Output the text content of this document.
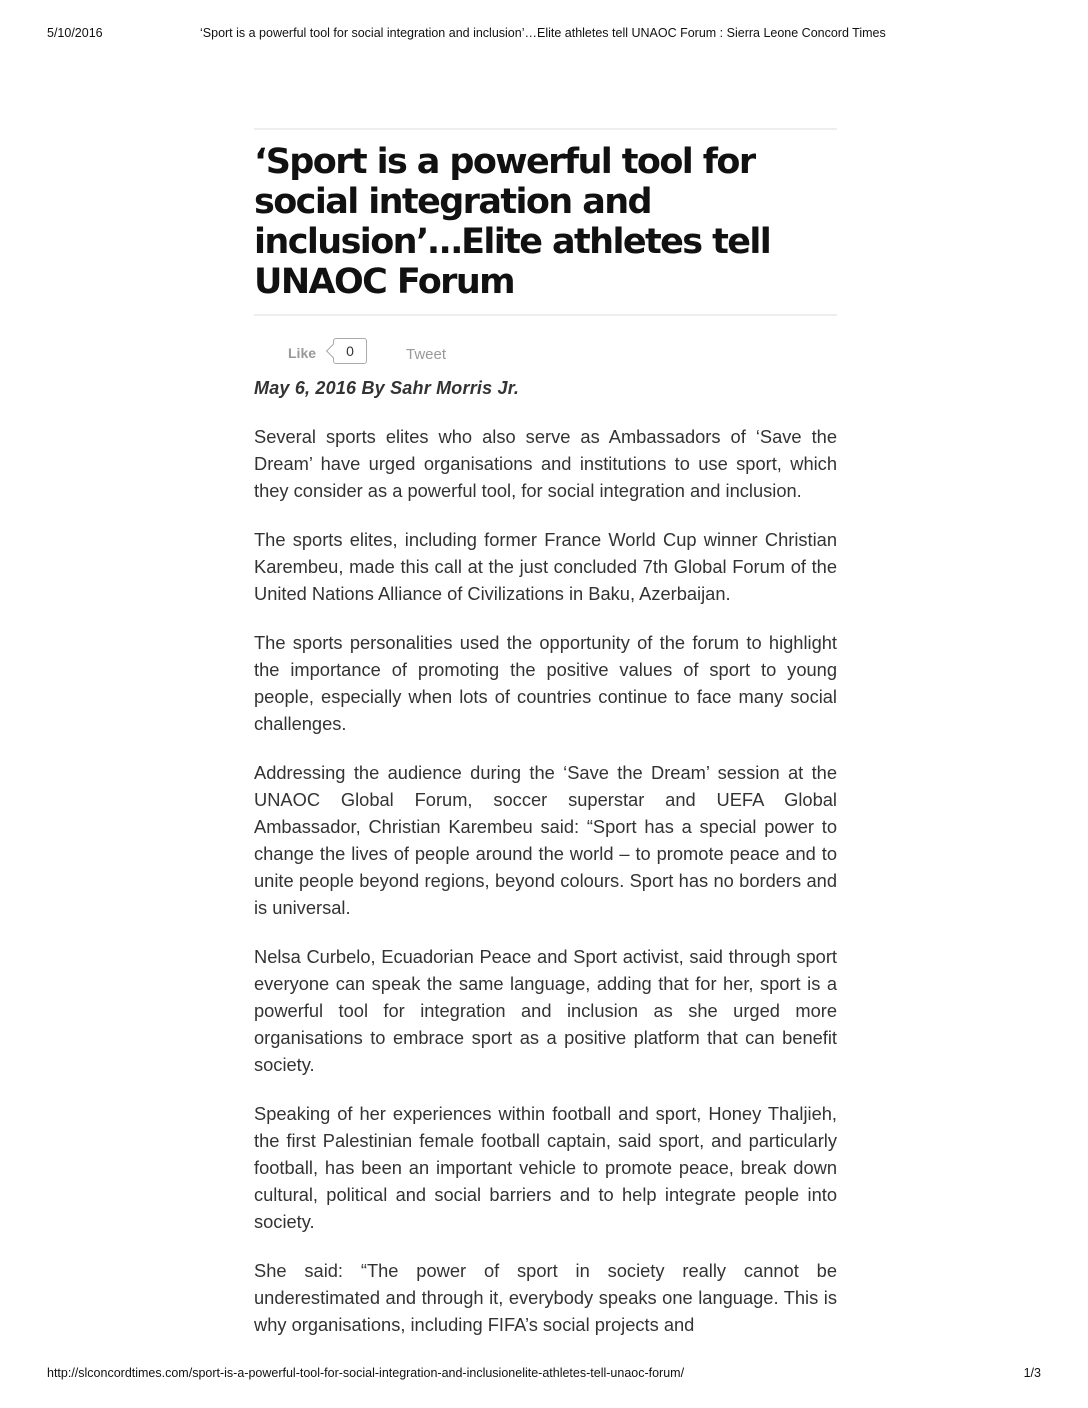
5/10/2016	‘Sport is a powerful tool for social integration and inclusion’…Elite athletes tell UNAOC Forum : Sierra Leone Concord Times
‘Sport is a powerful tool for social integration and inclusion’…Elite athletes tell UNAOC Forum
Like	0	Tweet
May 6, 2016 By Sahr Morris Jr.

Several sports elites who also serve as Ambassadors of ‘Save the Dream’ have urged organisations and institutions to use sport, which they consider as a powerful tool, for social integration and inclusion.

The sports elites, including former France World Cup winner Christian Karembeu, made this call at the just concluded 7th Global Forum of the United Nations Alliance of Civilizations in Baku, Azerbaijan.

The sports personalities used the opportunity of the forum to highlight the importance of promoting the positive values of sport to young people, especially when lots of countries continue to face many social challenges.

Addressing the audience during the ‘Save the Dream’ session at the UNAOC Global Forum, soccer superstar and UEFA Global Ambassador, Christian Karembeu said: “Sport has a special power to change the lives of people around the world – to promote peace and to unite people beyond regions, beyond colours. Sport has no borders and is universal.

Nelsa Curbelo, Ecuadorian Peace and Sport activist, said through sport everyone can speak the same language, adding that for her, sport is a powerful tool for integration and inclusion as she urged more organisations to embrace sport as a positive platform that can benefit society.

Speaking of her experiences within football and sport, Honey Thaljieh, the first Palestinian female football captain, said sport, and particularly football, has been an important vehicle to promote peace, break down cultural, political and social barriers and to help integrate people into society.

She said: “The power of sport in society really cannot be underestimated and through it, everybody speaks one language. This is why organisations, including FIFA’s social projects and

http://slconcordtimes.com/sport-is-a-powerful-tool-for-social-integration-and-inclusionelite-athletes-tell-unaoc-forum/	1/3
